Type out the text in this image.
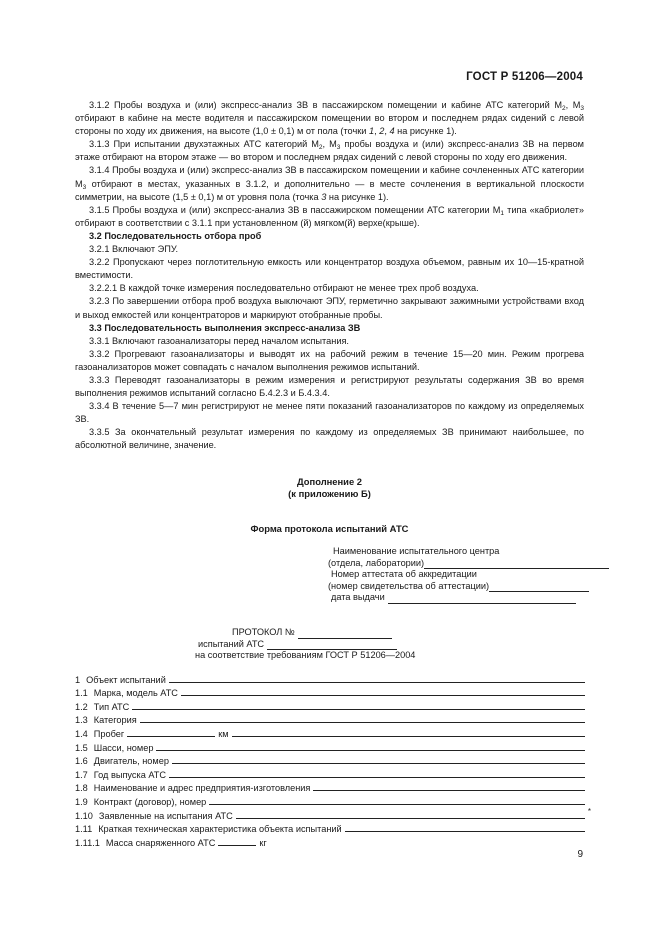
ГОСТ Р 51206—2004

3.1.2 Пробы воздуха и (или) экспресс-анализ ЗВ в пассажирском помещении и кабине АТС категорий $М_2$, $М_3$ отбирают в кабине на месте водителя и пассажирском помещении во втором и последнем рядах сидений с левой стороны по ходу их движения, на высоте (1,0 ± 0,1) м от пола (точки 1, 2, 4 на рисунке 1).

3.1.3 При испытании двухэтажных АТС категорий $М_2$, $М_3$ пробы воздуха и (или) экспресс-анализ ЗВ на первом этаже отбирают на втором этаже — во втором и последнем рядах сидений с левой стороны по ходу его движения.

3.1.4 Пробы воздуха и (или) экспресс-анализ ЗВ в пассажирском помещении и кабине сочлененных АТС категории $М_3$ отбирают в местах, указанных в 3.1.2, и дополнительно — в месте сочленения в вертикальной плоскости симметрии, на высоте (1,5 ± 0,1) м от уровня пола (точка 3 на рисунке 1).

3.1.5 Пробы воздуха и (или) экспресс-анализ ЗВ в пассажирском помещении АТС категории $М_1$ типа «кабриолет» отбирают в соответствии с 3.1.1 при установленном (й) мягком(й) верхе(крыше).

3.2 Последовательность отбора проб

3.2.1 Включают ЭПУ.

3.2.2 Пропускают через поглотительную емкость или концентратор воздуха объемом, равным их 10—15-кратной вместимости.

3.2.2.1 В каждой точке измерения последовательно отбирают не менее трех проб воздуха.

3.2.3 По завершении отбора проб воздуха выключают ЭПУ, герметично закрывают зажимными устройствами вход и выход емкостей или концентраторов и маркируют отобранные пробы.

3.3 Последовательность выполнения экспресс-анализа ЗВ

3.3.1 Включают газоанализаторы перед началом испытания.

3.3.2 Прогревают газоанализаторы и выводят их на рабочий режим в течение 15—20 мин. Режим прогрева газоанализаторов может совпадать с началом выполнения режимов испытаний.

3.3.3 Переводят газоанализаторы в режим измерения и регистрируют результаты содержания ЗВ во время выполнения режимов испытаний согласно Б.4.2.3 и Б.4.3.4.

3.3.4 В течение 5—7 мин регистрируют не менее пяти показаний газоанализаторов по каждому из определяемых ЗВ.

3.3.5 За окончательный результат измерения по каждому из определяемых ЗВ принимают наибольшее, по абсолютной величине, значение.

Дополнение 2
(к приложению Б)
Форма протокола испытаний АТС
Наименование испытательного центра
(отдела, лаборатории)
Номер аттестата об аккредитации
(номер свидетельства об аттестации)
дата выдачи
ПРОТОКОЛ №
испытаний АТС
на соответствие требованиям ГОСТ Р 51206—2004
1 Объект испытаний
1.1 Марка, модель АТС
1.2 Тип АТС
1.3 Категория
1.4 Пробег	км
1.5 Шасси, номер
1.6 Двигатель, номер
1.7 Год выпуска АТС
1.8 Наименование и адрес предприятия-изготовления
1.9 Контракт (договор), номер
1.10 Заявленные на испытания АТС	*
1.11 Краткая техническая характеристика объекта испытаний
1.11.1 Масса снаряженного АТС	кг
9
